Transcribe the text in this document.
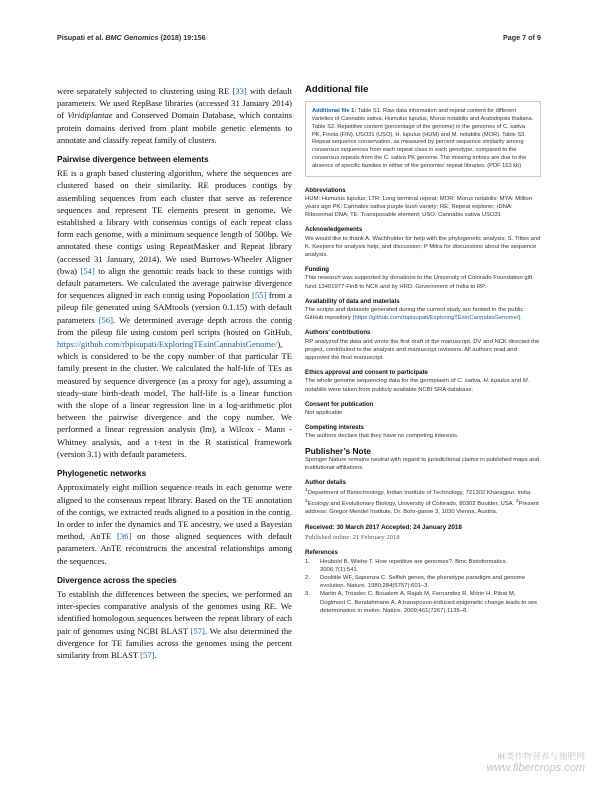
Pisupati et al. BMC Genomics (2018) 19:156	Page 7 of 9

were separately subjected to clustering using RE [33] with default parameters. We used RepBase libraries (accessed 31 January 2014) of Viridiplantae and Conserved Domain Database, which contains protein domains derived from plant mobile genetic elements to annotate and classify repeat family of clusters.

Pairwise divergence between elements

RE is a graph based clustering algorithm, where the sequences are clustered based on their similarity. RE produces contigs by assembling sequences from each cluster that serve as reference sequences and represent TE elements present in genome. We established a library with consensus contigs of each repeat class form each genome, with a minimum sequence length of 500bp. We annotated these contigs using RepeatMasker and Repeat library (accessed 31 January, 2014). We used Burrows-Wheeler Aligner (bwa) [54] to align the genomic reads back to these contigs with default parameters. We calculated the average pairwise divergence for sequences aligned in each contig using Popoolation [55] from a pileup file generated using SAMtools (version 0.1.15) with default parameters [56]. We determined average depth across the contig from the pileup file using custom perl scripts (hosted on GitHub, https://github.com/rbpisupati/ExploringTEsinCannabisGenome/), which is considered to be the copy number of that particular TE family present in the cluster. We calculated the half-life of TEs as measured by sequence divergence (as a proxy for age), assuming a steady-state birth-death model. The half-life is a linear function with the slope of a linear regression line in a log-arithmetic plot between the pairwise divergence and the copy number. We performed a linear regression analysis (lm), a Wilcox - Mann - Whitney analysis, and a t-test in the R statistical framework (version 3.1) with default parameters.

Phylogenetic networks

Approximately eight million sequence reads in each genome were aligned to the consensus repeat library. Based on the TE annotation of the contigs, we extracted reads aligned to a position in the contig. In order to infer the dynamics and TE ancestry, we used a Bayesian method, AnTE [36] on those aligned sequences with default parameters. AnTE reconstructs the ancestral relationships among the sequences.

Divergence across the species

To establish the differences between the species, we performed an inter-species comparative analysis of the genomes using RE. We identified homologous sequences between the repeat library of each pair of genomes using NCBI BLAST [57]. We also determined the divergence for TE families across the genomes using the percent similarity from BLAST [57].

Additional file
Additional file 1: Table S1. Raw data information and repeat content for different varieties of Cannabis sativa, Humulus lupulus, Morus notabilis and Arabidopsis thaliana. Table S2. Repetitive content (percentage of the genome) in the genomes of C. sativa PK, Finola (FIN), USO31 (USO), H. lupulus (HUM) and M. notabilis (MOR). Table S3. Repeat sequence conservation, as measured by percent sequence similarity among consensus sequences from each repeat class in each genotype, compared to the consensus repeats from the C. sativa PK genome. The missing entries are due to the absence of specific families in either of the genomes' repeat libraries. (PDF 163 kb)
Abbreviations

HUM: Humulus lupulus; LTR: Long terminal repeat; MOR: Morus notabilis; MYA: Million years ago PK: Cannabis sativa purple kush variety; RE: Repeat explorer; rDNA: Ribosomal DNA; TE: Transposable element; USO: Cannabis sativa USO31

Acknowledgements

We would like to thank A. Wachholder for help with the phylogenetic analysis; S. Tittes and K. Keepers for analysis help, and discussion; P Mitra for discussions about the sequence analysis.

Funding

This research was supported by donations to the University of Colorado Foundation gift fund 13401977-Fin8 to NCK and by HRD, Government of India to RP.

Availability of data and materials

The scripts and datasets generated during the current study are hosted in the public GitHub repository (https://github.com/rbpisupati/ExploringTEsinCannabisGenome/).

Authors' contributions

RP analyzed the data and wrote the first draft of the manuscript. DV and NCK directed the project, contributed to the analysis and manuscript revisions. All authors read and approved the final manuscript.

Ethics approval and consent to participate

The whole genome sequencing data for the germplasm of C. sativa, H. lupulus and M. notabilis were taken from publicly available NCBI SRA database.

Consent for publication

Not applicable

Competing interests

The authors declare that they have no competing interests.

Publisher’s Note

Springer Nature remains neutral with regard to jurisdictional claims in published maps and institutional affiliations.

Author details

$^1$Department of Biotechnology, Indian Institute of Technology, 721302 Kharagpur, India. $^2$Ecology and Evolutionary Biology, University of Colorado, 80302 Boulder, USA. $^3$Present address: Gregor Mendel Institute, Dr. Bohr-gasse 3, 1030 Vienna, Austria.

Received: 30 March 2017 Accepted: 24 January 2018
Published online: 21 February 2018
References
1. Heubold B, Wiehe T. How repetitive are genomes?. Bmc Bioinformatics. 2006;7(1):541.
2. Doolittle WF, Sapienza C. Selfish genes, the phenotype paradigm and genome evolution. Nature. 1980;284(5757):601–3.
3. Martin A, Troadec C, Boualem A, Rajab M, Fernandez R, Morin H, Pitrat M, Dogimont C, Bendahmane A. A transposon-induced epigenetic change leads to sex determination in melon. Nature. 2009;461(7267):1135–8.
麻类作物营养与施肥网
www.fibercrops.com
